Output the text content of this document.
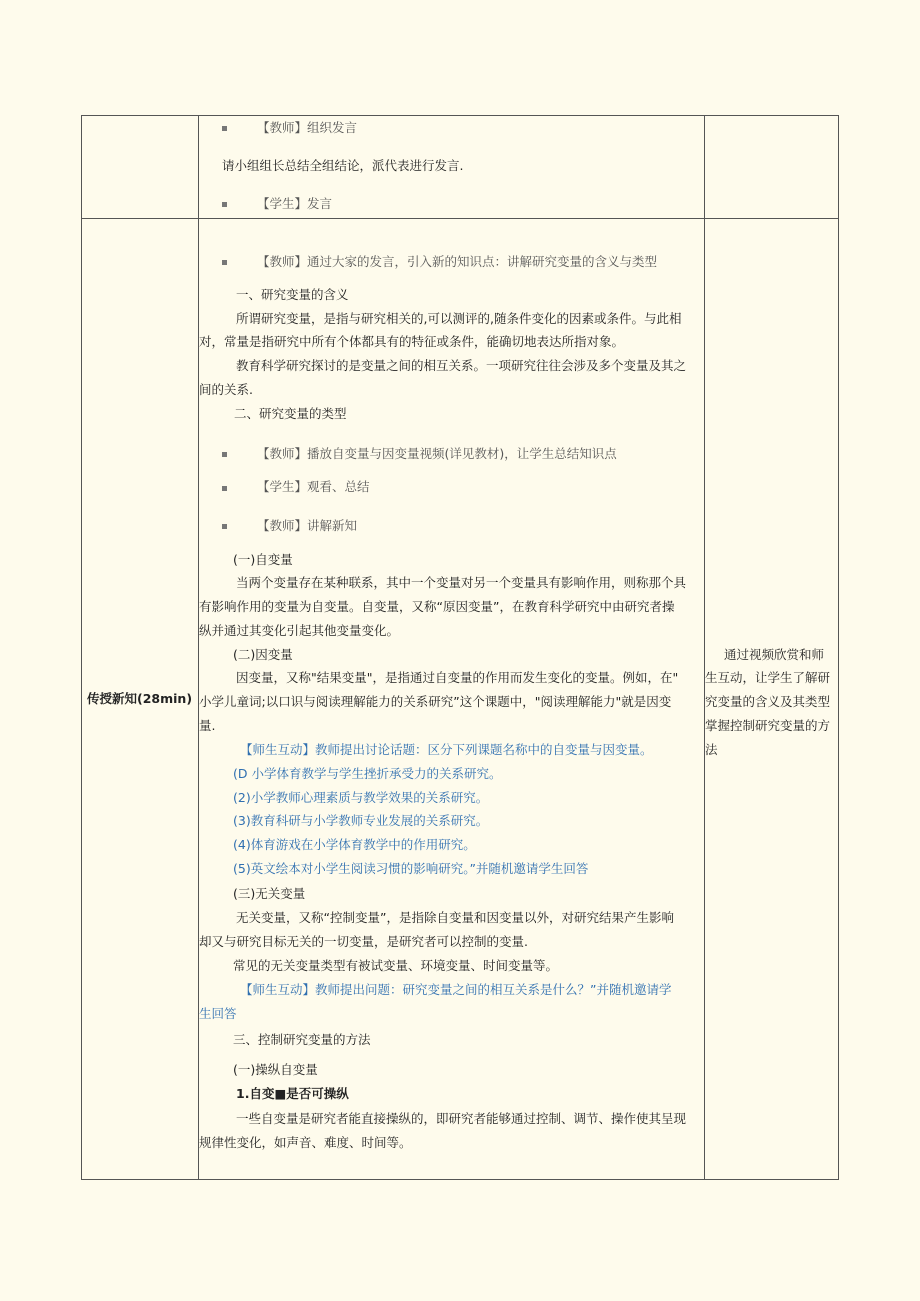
【教师】组织发言
请小组组长总结全组结论，派代表进行发言.
【学生】发言
传授新知(28min)
【教师】通过大家的发言，引入新的知识点：讲解研究变量的含义与类型
一、研究变量的含义
所谓研究变量，是指与研究相关的,可以测评的,随条件变化的因素或条件。与此相
对，常量是指研究中所有个体都具有的特征或条件，能确切地表达所指对象。
教育科学研究探讨的是变量之间的相互关系。一项研究往往会涉及多个变量及其之
间的关系.
二、研究变量的类型
【教师】播放自变量与因变量视频(详见教材)，让学生总结知识点
【学生】观看、总结
【教师】讲解新知
(一)自变量
当两个变量存在某种联系，其中一个变量对另一个变量具有影响作用，则称那个具
有影响作用的变量为自变量。自变量，又称“原因变量”，在教育科学研究中由研究者操
纵并通过其变化引起其他变量变化。
(二)因变量
因变量，又称"结果变量"，是指通过自变量的作用而发生变化的变量。例如，在"
小学儿童词;以口识与阅读理解能力的关系研究”这个课题中，"阅读理解能力"就是因变
量.
【师生互动】教师提出讨论话题：区分下列课题名称中的自变量与因变量。
(D 小学体育教学与学生挫折承受力的关系研究。
(2)小学教师心理素质与教学效果的关系研究。
(3)教育科研与小学教师专业发展的关系研究。
(4)体育游戏在小学体育教学中的作用研究。
(5)英文绘本对小学生阅读习惯的影响研究。”并随机邀请学生回答
(三)无关变量
无关变量，又称“控制变量”，是指除自变量和因变量以外，对研究结果产生影响
却又与研究目标无关的一切变量，是研究者可以控制的变量.
常见的无关变量类型有被试变量、环境变量、时间变量等。
【师生互动】教师提出问题：研究变量之间的相互关系是什么？”并随机邀请学
生回答
三、控制研究变量的方法
(一)操纵自变量
1.自变■是否可操纵
一些自变量是研究者能直接操纵的，即研究者能够通过控制、调节、操作使其呈现
规律性变化，如声音、难度、时间等。
通过视频欣赏和师
生互动，让学生了解研
究变量的含义及其类型
掌握控制研究变量的方
法
